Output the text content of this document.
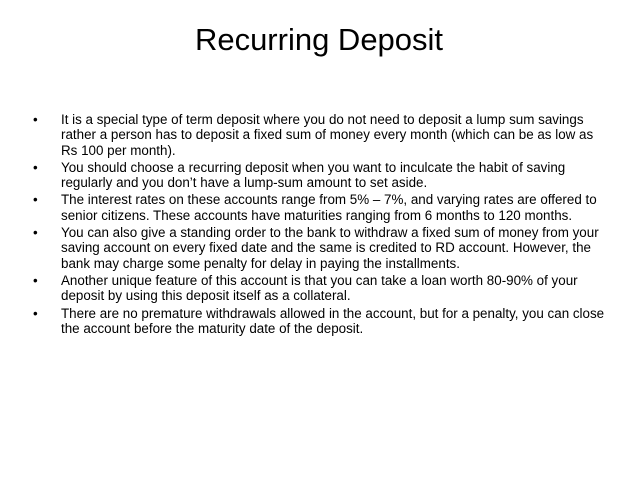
Recurring Deposit
• It is a special type of term deposit where you do not need to deposit a lump sum savings rather a person has to deposit a fixed sum of money every month (which can be as low as Rs 100 per month).
• You should choose a recurring deposit when you want to inculcate the habit of saving regularly and you don’t have a lump-sum amount to set aside.
• The interest rates on these accounts range from 5% – 7%, and varying rates are offered to senior citizens. These accounts have maturities ranging from 6 months to 120 months.
• You can also give a standing order to the bank to withdraw a fixed sum of money from your saving account on every fixed date and the same is credited to RD account. However, the bank may charge some penalty for delay in paying the installments.
• Another unique feature of this account is that you can take a loan worth 80-90% of your deposit by using this deposit itself as a collateral.
• There are no premature withdrawals allowed in the account, but for a penalty, you can close the account before the maturity date of the deposit.
